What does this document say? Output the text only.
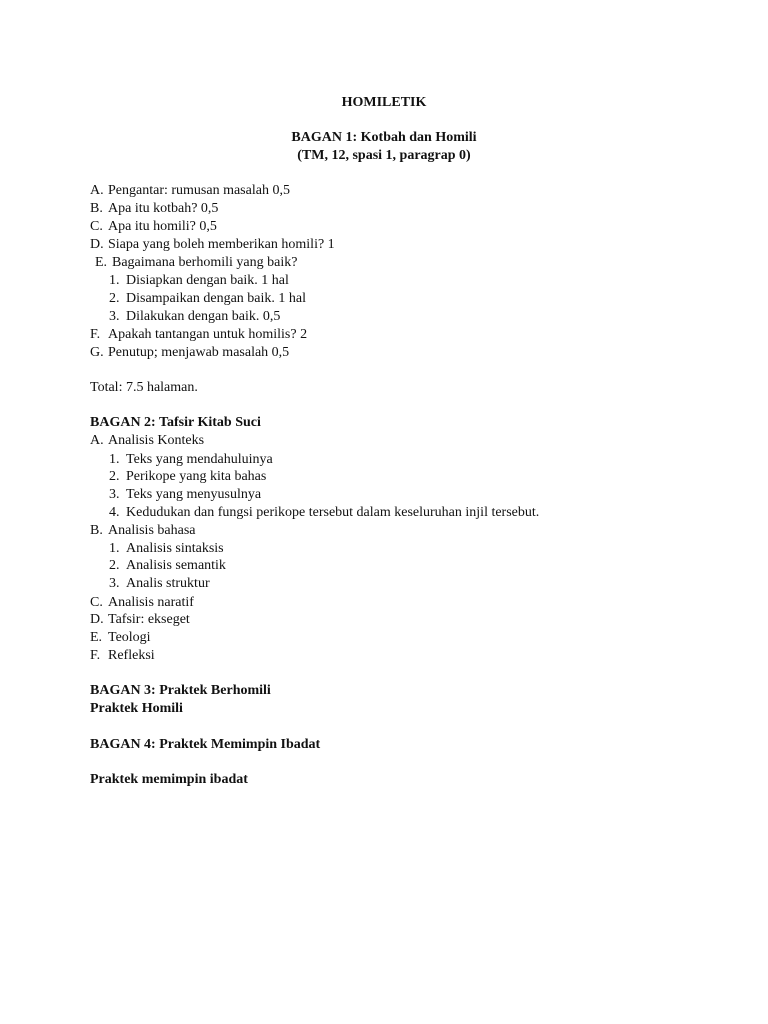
HOMILETIK
BAGAN 1: Kotbah dan Homili
(TM, 12, spasi 1, paragrap 0)
A. Pengantar: rumusan masalah 0,5
B. Apa itu kotbah? 0,5
C. Apa itu homili? 0,5
D. Siapa yang boleh memberikan homili? 1
E. Bagaimana berhomili yang baik?
1. Disiapkan dengan baik. 1 hal
2. Disampaikan dengan baik. 1 hal
3. Dilakukan dengan baik. 0,5
F. Apakah tantangan untuk homilis? 2
G. Penutup; menjawab masalah 0,5
Total: 7.5 halaman.
BAGAN 2: Tafsir Kitab Suci
A. Analisis Konteks
1. Teks yang mendahuluinya
2. Perikope yang kita bahas
3. Teks yang menyusulnya
4. Kedudukan dan fungsi perikope tersebut dalam keseluruhan injil tersebut.
B. Analisis bahasa
1. Analisis sintaksis
2. Analisis semantik
3. Analis struktur
C. Analisis naratif
D. Tafsir: ekseget
E. Teologi
F. Refleksi
BAGAN 3: Praktek Berhomili
Praktek Homili
BAGAN 4: Praktek Memimpin Ibadat
Praktek memimpin ibadat
